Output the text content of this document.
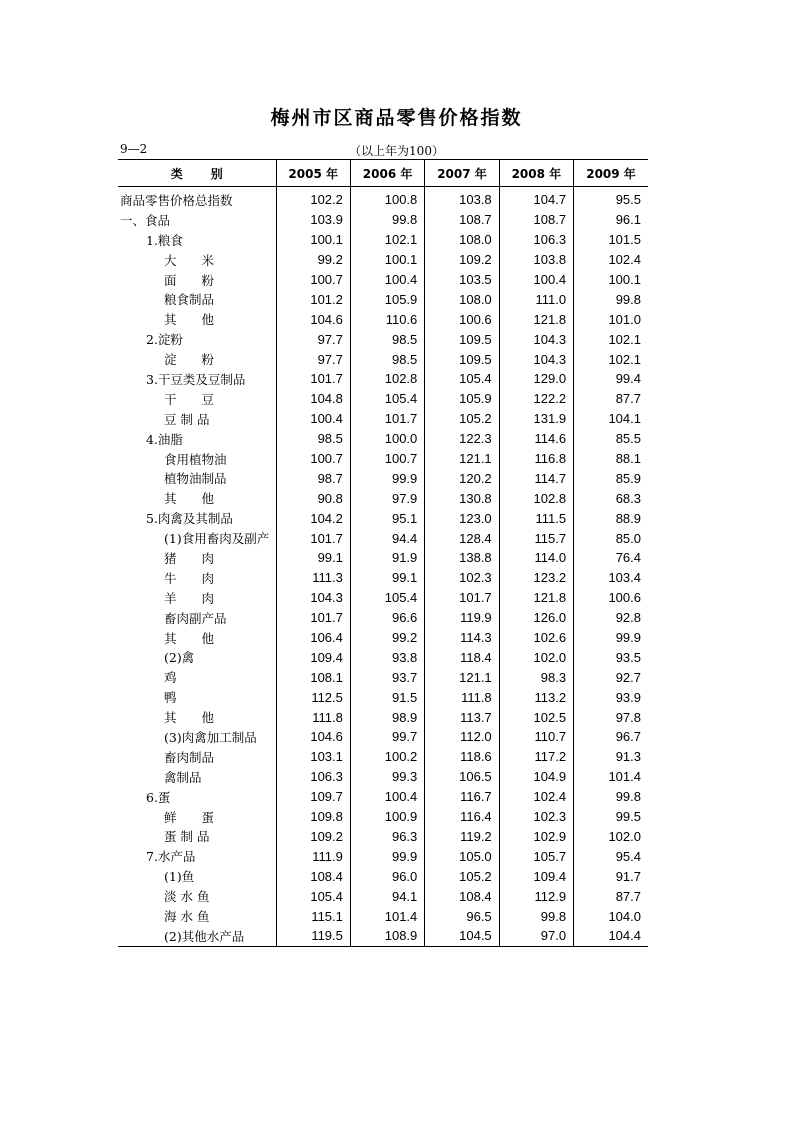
梅州市区商品零售价格指数
9—2	（以上年为100）
类 别	2005 年	2006 年	2007 年	2008 年	2009 年
商品零售价格总指数	102.2	100.8	103.8	104.7	95.5
一、食品	103.9	99.8	108.7	108.7	96.1
1.粮食	100.1	102.1	108.0	106.3	101.5
大　　米	99.2	100.1	109.2	103.8	102.4
面　　粉	100.7	100.4	103.5	100.4	100.1
粮食制品	101.2	105.9	108.0	111.0	99.8
其　　他	104.6	110.6	100.6	121.8	101.0
2.淀粉	97.7	98.5	109.5	104.3	102.1
淀　　粉	97.7	98.5	109.5	104.3	102.1
3.干豆类及豆制品	101.7	102.8	105.4	129.0	99.4
干　　豆	104.8	105.4	105.9	122.2	87.7
豆 制 品	100.4	101.7	105.2	131.9	104.1
4.油脂	98.5	100.0	122.3	114.6	85.5
食用植物油	100.7	100.7	121.1	116.8	88.1
植物油制品	98.7	99.9	120.2	114.7	85.9
其　　他	90.8	97.9	130.8	102.8	68.3
5.肉禽及其制品	104.2	95.1	123.0	111.5	88.9
(1)食用畜肉及副产	101.7	94.4	128.4	115.7	85.0
猪　　肉	99.1	91.9	138.8	114.0	76.4
牛　　肉	111.3	99.1	102.3	123.2	103.4
羊　　肉	104.3	105.4	101.7	121.8	100.6
畜肉副产品	101.7	96.6	119.9	126.0	92.8
其　　他	106.4	99.2	114.3	102.6	99.9
(2)禽	109.4	93.8	118.4	102.0	93.5
鸡	108.1	93.7	121.1	98.3	92.7
鸭	112.5	91.5	111.8	113.2	93.9
其　　他	111.8	98.9	113.7	102.5	97.8
(3)肉禽加工制品	104.6	99.7	112.0	110.7	96.7
畜肉制品	103.1	100.2	118.6	117.2	91.3
禽制品	106.3	99.3	106.5	104.9	101.4
6.蛋	109.7	100.4	116.7	102.4	99.8
鲜　　蛋	109.8	100.9	116.4	102.3	99.5
蛋 制 品	109.2	96.3	119.2	102.9	102.0
7.水产品	111.9	99.9	105.0	105.7	95.4
(1)鱼	108.4	96.0	105.2	109.4	91.7
淡 水 鱼	105.4	94.1	108.4	112.9	87.7
海 水 鱼	115.1	101.4	96.5	99.8	104.0
(2)其他水产品	119.5	108.9	104.5	97.0	104.4
